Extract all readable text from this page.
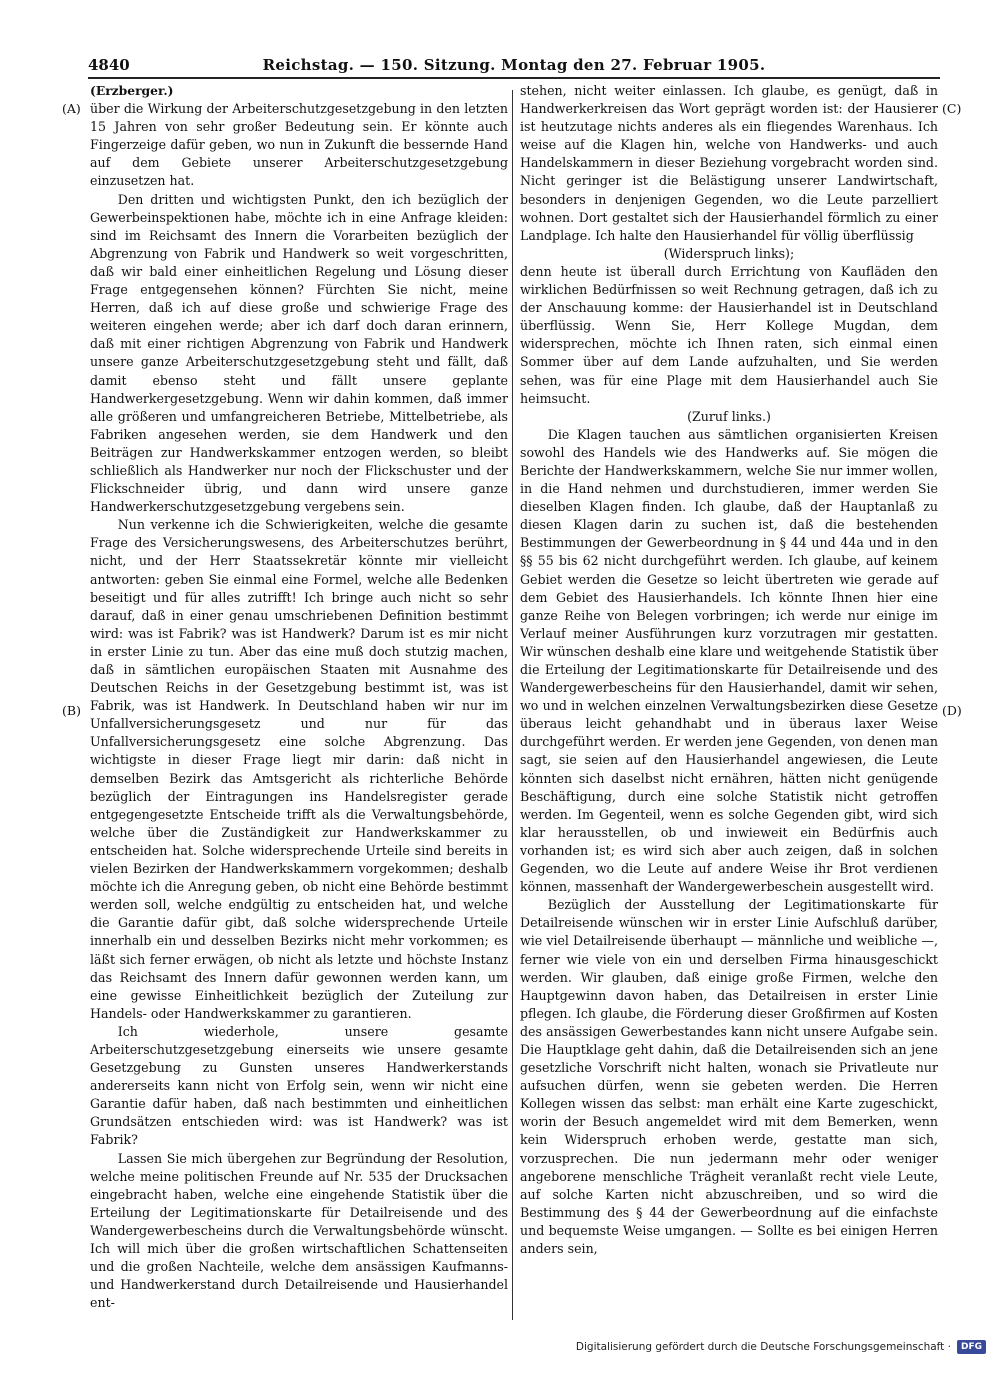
4840	Reichstag. — 150. Sitzung. Montag den 27. Februar 1905.
(A)
(B)
(C)
(D)

(Erzberger.)

über die Wirkung der Arbeiterschutzgesetzgebung in den letzten 15 Jahren von sehr großer Bedeutung sein. Er könnte auch Fingerzeige dafür geben, wo nun in Zukunft die bessernde Hand auf dem Gebiete unserer Arbeiterschutzgesetzgebung einzusetzen hat.

Den dritten und wichtigsten Punkt, den ich bezüglich der Gewerbeinspektionen habe, möchte ich in eine Anfrage kleiden: sind im Reichsamt des Innern die Vorarbeiten bezüglich der Abgrenzung von Fabrik und Handwerk so weit vorgeschritten, daß wir bald einer einheitlichen Regelung und Lösung dieser Frage entgegensehen können? Fürchten Sie nicht, meine Herren, daß ich auf diese große und schwierige Frage des weiteren eingehen werde; aber ich darf doch daran erinnern, daß mit einer richtigen Abgrenzung von Fabrik und Handwerk unsere ganze Arbeiterschutzgesetzgebung steht und fällt, daß damit ebenso steht und fällt unsere geplante Handwerkergesetzgebung. Wenn wir dahin kommen, daß immer alle größeren und umfangreicheren Betriebe, Mittelbetriebe, als Fabriken angesehen werden, sie dem Handwerk und den Beiträgen zur Handwerkskammer entzogen werden, so bleibt schließlich als Handwerker nur noch der Flickschuster und der Flickschneider übrig, und dann wird unsere ganze Handwerkerschutzgesetzgebung vergebens sein.

Nun verkenne ich die Schwierigkeiten, welche die gesamte Frage des Versicherungswesens, des Arbeiterschutzes berührt, nicht, und der Herr Staatssekretär könnte mir vielleicht antworten: geben Sie einmal eine Formel, welche alle Bedenken beseitigt und für alles zutrifft! Ich bringe auch nicht so sehr darauf, daß in einer genau umschriebenen Definition bestimmt wird: was ist Fabrik? was ist Handwerk? Darum ist es mir nicht in erster Linie zu tun. Aber das eine muß doch stutzig machen, daß in sämtlichen europäischen Staaten mit Ausnahme des Deutschen Reichs in der Gesetzgebung bestimmt ist, was ist Fabrik, was ist Handwerk. In Deutschland haben wir nur im Unfallversicherungsgesetz und nur für das Unfallversicherungsgesetz eine solche Abgrenzung. Das wichtigste in dieser Frage liegt mir darin: daß nicht in demselben Bezirk das Amtsgericht als richterliche Behörde bezüglich der Eintragungen ins Handelsregister gerade entgegengesetzte Entscheide trifft als die Verwaltungsbehörde, welche über die Zuständigkeit zur Handwerkskammer zu entscheiden hat. Solche widersprechende Urteile sind bereits in vielen Bezirken der Handwerkskammern vorgekommen; deshalb möchte ich die Anregung geben, ob nicht eine Behörde bestimmt werden soll, welche endgültig zu entscheiden hat, und welche die Garantie dafür gibt, daß solche widersprechende Urteile innerhalb ein und desselben Bezirks nicht mehr vorkommen; es läßt sich ferner erwägen, ob nicht als letzte und höchste Instanz das Reichsamt des Innern dafür gewonnen werden kann, um eine gewisse Einheitlichkeit bezüglich der Zuteilung zur Handels- oder Handwerkskammer zu garantieren.

Ich wiederhole, unsere gesamte Arbeiterschutzgesetzgebung einerseits wie unsere gesamte Gesetzgebung zu Gunsten unseres Handwerkerstands andererseits kann nicht von Erfolg sein, wenn wir nicht eine Garantie dafür haben, daß nach bestimmten und einheitlichen Grundsätzen entschieden wird: was ist Handwerk? was ist Fabrik?

Lassen Sie mich übergehen zur Begründung der Resolution, welche meine politischen Freunde auf Nr. 535 der Drucksachen eingebracht haben, welche eine eingehende Statistik über die Erteilung der Legitimationskarte für Detailreisende und des Wandergewerbescheins durch die Verwaltungsbehörde wünscht. Ich will mich über die großen wirtschaftlichen Schattenseiten und die großen Nachteile, welche dem ansässigen Kaufmanns- und Handwerkerstand durch Detailreisende und Hausierhandel ent-

stehen, nicht weiter einlassen. Ich glaube, es genügt, daß in Handwerkerkreisen das Wort geprägt worden ist: der Hausierer ist heutzutage nichts anderes als ein fliegendes Warenhaus. Ich weise auf die Klagen hin, welche von Handwerks- und auch Handelskammern in dieser Beziehung vorgebracht worden sind. Nicht geringer ist die Belästigung unserer Landwirtschaft, besonders in denjenigen Gegenden, wo die Leute parzelliert wohnen. Dort gestaltet sich der Hausierhandel förmlich zu einer Landplage. Ich halte den Hausierhandel für völlig überflüssig

(Widerspruch links);

denn heute ist überall durch Errichtung von Kaufläden den wirklichen Bedürfnissen so weit Rechnung getragen, daß ich zu der Anschauung komme: der Hausierhandel ist in Deutschland überflüssig. Wenn Sie, Herr Kollege Mugdan, dem widersprechen, möchte ich Ihnen raten, sich einmal einen Sommer über auf dem Lande aufzuhalten, und Sie werden sehen, was für eine Plage mit dem Hausierhandel auch Sie heimsucht.

(Zuruf links.)

Die Klagen tauchen aus sämtlichen organisierten Kreisen sowohl des Handels wie des Handwerks auf. Sie mögen die Berichte der Handwerkskammern, welche Sie nur immer wollen, in die Hand nehmen und durchstudieren, immer werden Sie dieselben Klagen finden. Ich glaube, daß der Hauptanlaß zu diesen Klagen darin zu suchen ist, daß die bestehenden Bestimmungen der Gewerbeordnung in § 44 und 44a und in den §§ 55 bis 62 nicht durchgeführt werden. Ich glaube, auf keinem Gebiet werden die Gesetze so leicht übertreten wie gerade auf dem Gebiet des Hausierhandels. Ich könnte Ihnen hier eine ganze Reihe von Belegen vorbringen; ich werde nur einige im Verlauf meiner Ausführungen kurz vorzutragen mir gestatten. Wir wünschen deshalb eine klare und weitgehende Statistik über die Erteilung der Legitimationskarte für Detailreisende und des Wandergewerbescheins für den Hausierhandel, damit wir sehen, wo und in welchen einzelnen Verwaltungsbezirken diese Gesetze überaus leicht gehandhabt und in überaus laxer Weise durchgeführt werden. Er werden jene Gegenden, von denen man sagt, sie seien auf den Hausierhandel angewiesen, die Leute könnten sich daselbst nicht ernähren, hätten nicht genügende Beschäftigung, durch eine solche Statistik nicht getroffen werden. Im Gegenteil, wenn es solche Gegenden gibt, wird sich klar herausstellen, ob und inwieweit ein Bedürfnis auch vorhanden ist; es wird sich aber auch zeigen, daß in solchen Gegenden, wo die Leute auf andere Weise ihr Brot verdienen können, massenhaft der Wandergewerbeschein ausgestellt wird.

Bezüglich der Ausstellung der Legitimationskarte für Detailreisende wünschen wir in erster Linie Aufschluß darüber, wie viel Detailreisende überhaupt — männliche und weibliche —, ferner wie viele von ein und derselben Firma hinausgeschickt werden. Wir glauben, daß einige große Firmen, welche den Hauptgewinn davon haben, das Detailreisen in erster Linie pflegen. Ich glaube, die Förderung dieser Großfirmen auf Kosten des ansässigen Gewerbestandes kann nicht unsere Aufgabe sein. Die Hauptklage geht dahin, daß die Detailreisenden sich an jene gesetzliche Vorschrift nicht halten, wonach sie Privatleute nur aufsuchen dürfen, wenn sie gebeten werden. Die Herren Kollegen wissen das selbst: man erhält eine Karte zugeschickt, worin der Besuch angemeldet wird mit dem Bemerken, wenn kein Widerspruch erhoben werde, gestatte man sich, vorzusprechen. Die nun jedermann mehr oder weniger angeborene menschliche Trägheit veranlaßt recht viele Leute, auf solche Karten nicht abzuschreiben, und so wird die Bestimmung des § 44 der Gewerbeordnung auf die einfachste und bequemste Weise umgangen. — Sollte es bei einigen Herren anders sein,

Digitalisierung gefördert durch die Deutsche Forschungsgemeinschaft ·	DFG
